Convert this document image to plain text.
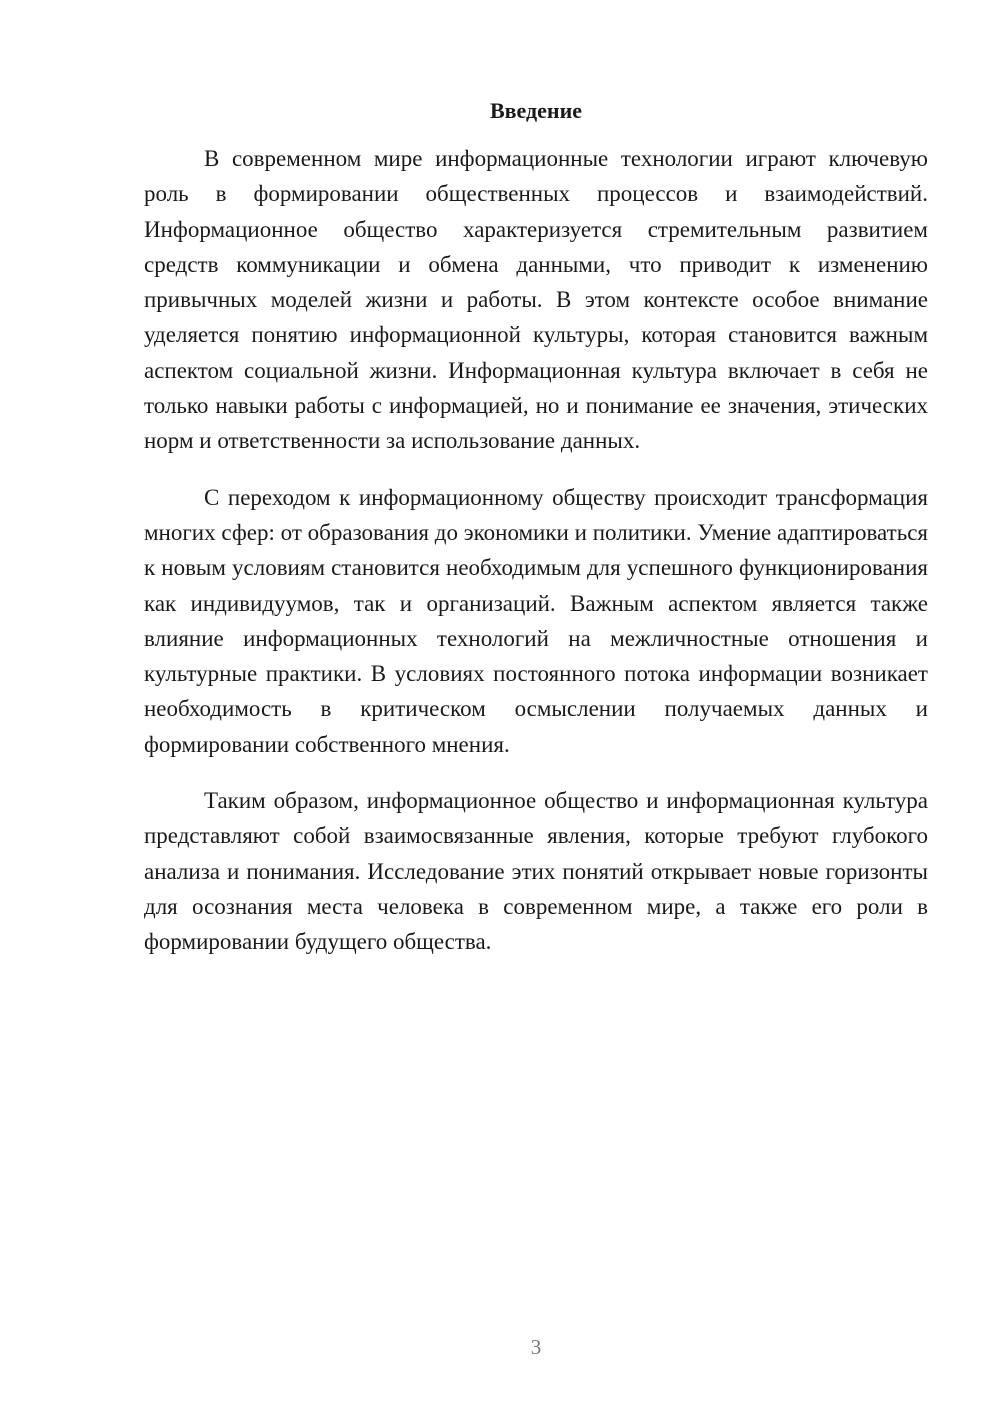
Введение

В современном мире информационные технологии играют ключевую роль в формировании общественных процессов и взаимодействий. Информационное общество характеризуется стремительным развитием средств коммуникации и обмена данными, что приводит к изменению привычных моделей жизни и работы. В этом контексте особое внимание уделяется понятию информационной культуры, которая становится важным аспектом социальной жизни. Информационная культура включает в себя не только навыки работы с информацией, но и понимание ее значения, этических норм и ответственности за использование данных.

С переходом к информационному обществу происходит трансформация многих сфер: от образования до экономики и политики. Умение адаптироваться к новым условиям становится необходимым для успешного функционирования как индивидуумов, так и организаций. Важным аспектом является также влияние информационных технологий на межличностные отношения и культурные практики. В условиях постоянного потока информации возникает необходимость в критическом осмыслении получаемых данных и формировании собственного мнения.

Таким образом, информационное общество и информационная культура представляют собой взаимосвязанные явления, которые требуют глубокого анализа и понимания. Исследование этих понятий открывает новые горизонты для осознания места человека в современном мире, а также его роли в формировании будущего общества.

3
